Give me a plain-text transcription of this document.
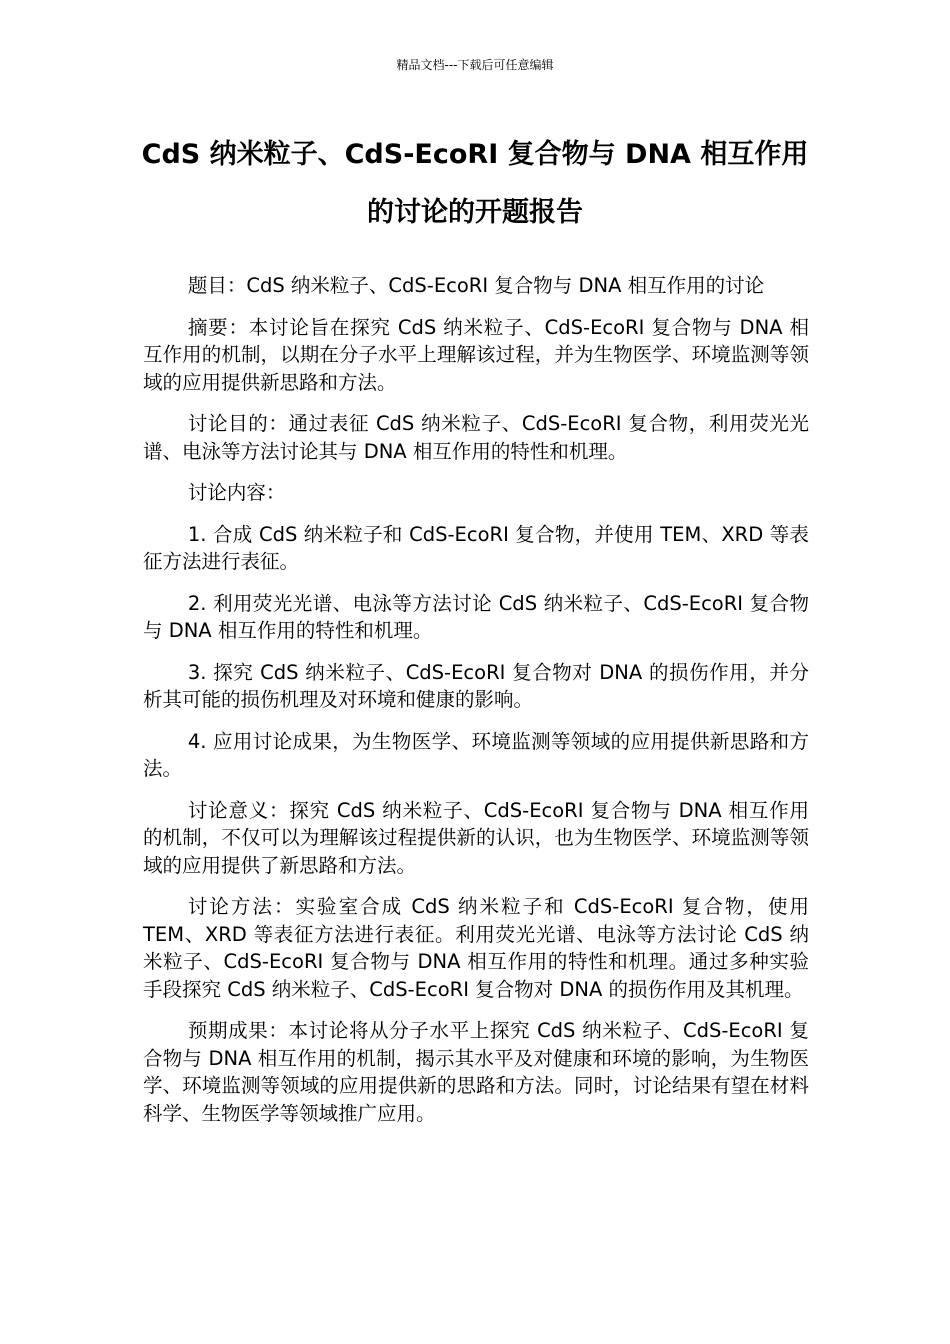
精品文档---下载后可任意编辑
CdS 纳米粒子、CdS-EcoRI 复合物与 DNA 相互作用
的讨论的开题报告

题目：CdS 纳米粒子、CdS-EcoRI 复合物与 DNA 相互作用的讨论

摘要：本讨论旨在探究 CdS 纳米粒子、CdS-EcoRI 复合物与 DNA 相互作用的机制，以期在分子水平上理解该过程，并为生物医学、环境监测等领域的应用提供新思路和方法。

讨论目的：通过表征 CdS 纳米粒子、CdS-EcoRI 复合物，利用荧光光谱、电泳等方法讨论其与 DNA 相互作用的特性和机理。

讨论内容：

1. 合成 CdS 纳米粒子和 CdS-EcoRI 复合物，并使用 TEM、XRD 等表征方法进行表征。

2. 利用荧光光谱、电泳等方法讨论 CdS 纳米粒子、CdS-EcoRI 复合物与 DNA 相互作用的特性和机理。

3. 探究 CdS 纳米粒子、CdS-EcoRI 复合物对 DNA 的损伤作用，并分析其可能的损伤机理及对环境和健康的影响。

4. 应用讨论成果，为生物医学、环境监测等领域的应用提供新思路和方法。

讨论意义：探究 CdS 纳米粒子、CdS-EcoRI 复合物与 DNA 相互作用的机制，不仅可以为理解该过程提供新的认识，也为生物医学、环境监测等领域的应用提供了新思路和方法。

讨论方法：实验室合成 CdS 纳米粒子和 CdS-EcoRI 复合物，使用 TEM、XRD 等表征方法进行表征。利用荧光光谱、电泳等方法讨论 CdS 纳米粒子、CdS-EcoRI 复合物与 DNA 相互作用的特性和机理。通过多种实验手段探究 CdS 纳米粒子、CdS-EcoRI 复合物对 DNA 的损伤作用及其机理。

预期成果：本讨论将从分子水平上探究 CdS 纳米粒子、CdS-EcoRI 复合物与 DNA 相互作用的机制，揭示其水平及对健康和环境的影响，为生物医学、环境监测等领域的应用提供新的思路和方法。同时，讨论结果有望在材料科学、生物医学等领域推广应用。
